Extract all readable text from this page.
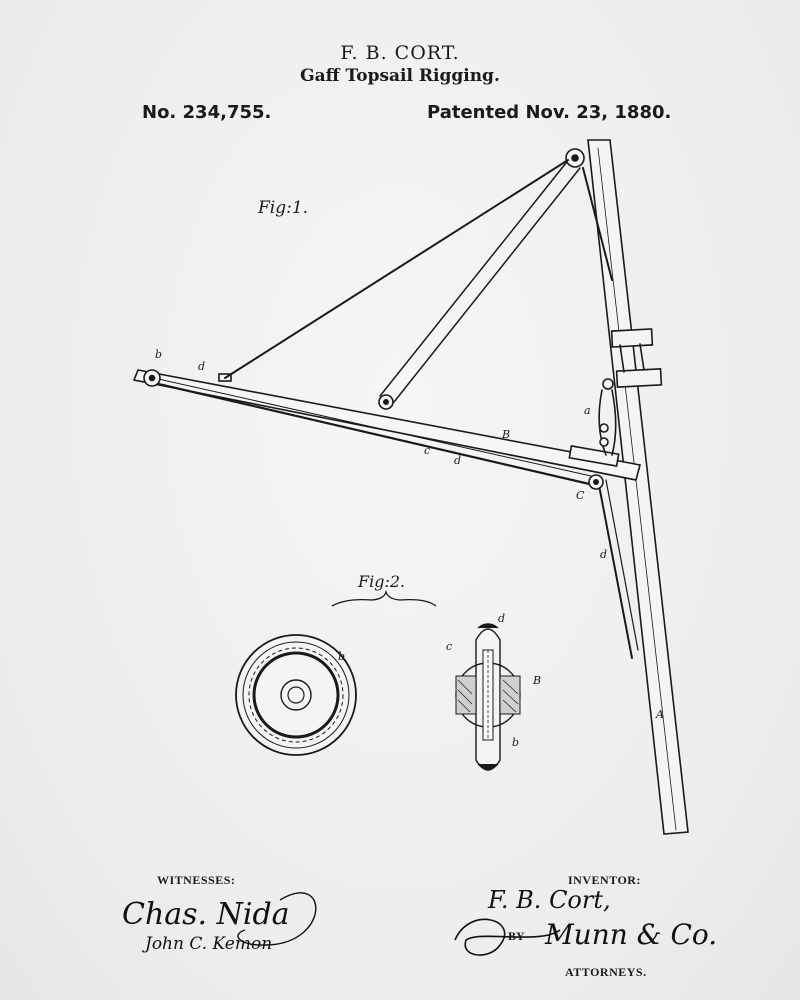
F. B. CORT.

Gaff Topsail Rigging.

No. 234,755.	Patented Nov. 23, 1880.

Fig:1.

Fig:2.

b
d
B
c
d
C
a
d
A
b
d
c
B
b

WITNESSES:

Chas. Nida

John C. Kemon

INVENTOR:

F. B. Cort,

BY Munn & Co.

ATTORNEYS.
